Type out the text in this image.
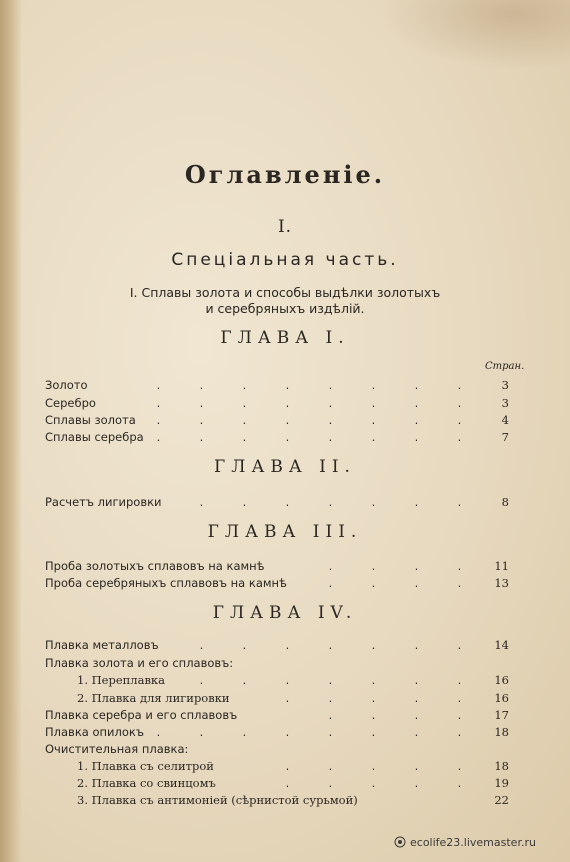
Оглавленіе.
I.
Спеціальная часть.
I. Сплавы золота и способы выдѣлки золотыхъ
и серебряныхъ издѣлій.
ГЛАВА I.
Стран.
Золото	.	.	.	.	.	.	.	.	3
Серебро	.	.	.	.	.	.	.	.	3
Сплавы золота	.	.	.	.	.	.	.	.	4
Сплавы серебра	.	.	.	.	.	.	.	.	7
ГЛАВА II.
Расчетъ лигировки	.	.	.	.	.	.	.	8
ГЛАВА III.
Проба золотыхъ сплавовъ на камнѣ	.	.	.	.	11
Проба серебряныхъ сплавовъ на камнѣ	.	.	.	.	13
ГЛАВА IV.
Плавка металловъ	.	.	.	.	.	.	.	14
Плавка золота и его сплавовъ:
1. Переплавка	.	.	.	.	.	.	.	16
2. Плавка для лигировки	.	.	.	.	.	16
Плавка серебра и его сплавовъ	.	.	.	.	17
Плавка опилокъ	.	.	.	.	.	.	.	.	18
Очистительная плавка:
1. Плавка съ селитрой	.	.	.	.	.	18
2. Плавка со свинцомъ	.	.	.	.	.	19
3. Плавка съ антимоніей (сѣрнистой сурьмой)	22
ecolife23.livemaster.ru
